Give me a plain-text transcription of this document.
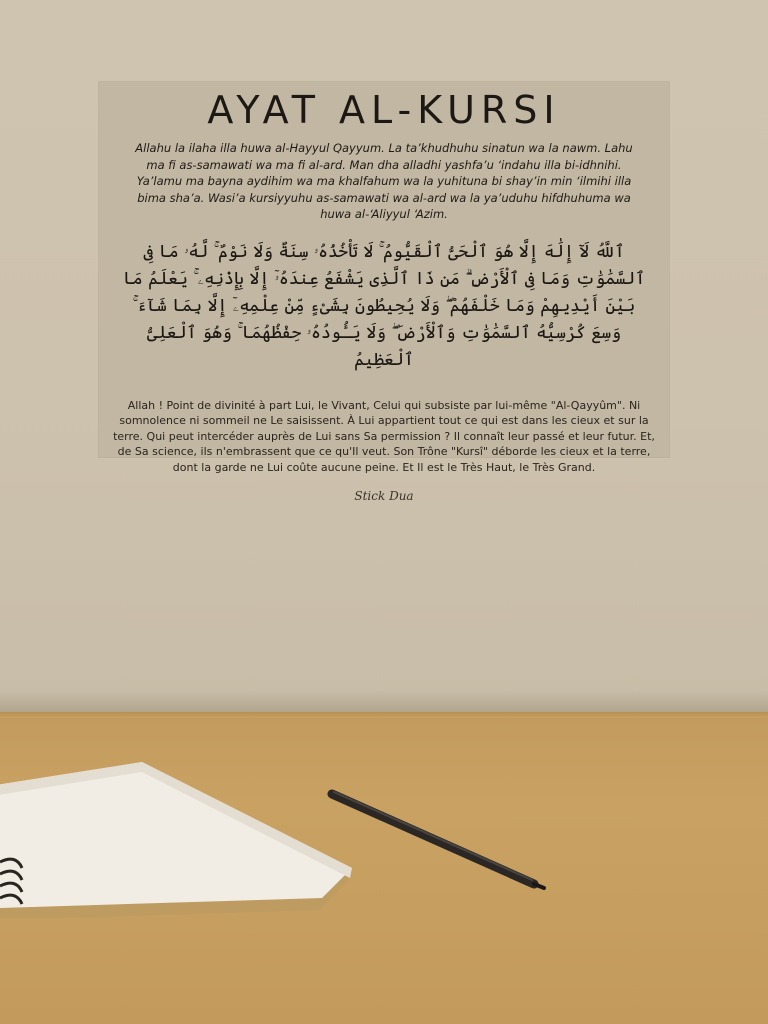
AYAT AL-KURSI
Allahu la ilaha illa huwa al-Hayyul Qayyum. La ta’khudhuhu sinatun wa la nawm. Lahu ma fi as-samawati wa ma fi al-ard. Man dha alladhi yashfa’u ‘indahu illa bi-idhnihi. Ya’lamu ma bayna aydihim wa ma khalfahum wa la yuhituna bi shay’in min ‘ilmihi illa bima sha’a. Wasi’a kursiyyuhu as-samawati wa al-ard wa la ya’uduhu hifdhuhuma wa huwa al-‘Aliyyul ‘Azim.
ٱللَّهُ لَآ إِلَٰهَ إِلَّا هُوَ ٱلْحَىُّ ٱلْقَيُّومُ ۚ لَا تَأْخُذُهُۥ سِنَةٌ وَلَا نَوْمٌ ۚ لَّهُۥ مَا فِى ٱلسَّمَٰوَٰتِ وَمَا فِى ٱلْأَرْضِ ۗ مَن ذَا ٱلَّذِى يَشْفَعُ عِندَهُۥٓ إِلَّا بِإِذْنِهِۦ ۚ يَعْلَمُ مَا بَيْنَ أَيْدِيهِمْ وَمَا خَلْفَهُمْ ۖ وَلَا يُحِيطُونَ بِشَىْءٍ مِّنْ عِلْمِهِۦٓ إِلَّا بِمَا شَآءَ ۚ وَسِعَ كُرْسِيُّهُ ٱلسَّمَٰوَٰتِ وَٱلْأَرْضَ ۖ وَلَا يَـُٔودُهُۥ حِفْظُهُمَا ۚ وَهُوَ ٱلْعَلِىُّ ٱلْعَظِيمُ
Allah ! Point de divinité à part Lui, le Vivant, Celui qui subsiste par lui-même "Al-Qayyûm". Ni somnolence ni sommeil ne Le saisissent. À Lui appartient tout ce qui est dans les cieux et sur la terre. Qui peut intercéder auprès de Lui sans Sa permission ? Il connaît leur passé et leur futur. Et, de Sa science, ils n'embrassent que ce qu'Il veut. Son Trône "Kursî" déborde les cieux et la terre, dont la garde ne Lui coûte aucune peine. Et Il est le Très Haut, le Très Grand.
Stick Dua
